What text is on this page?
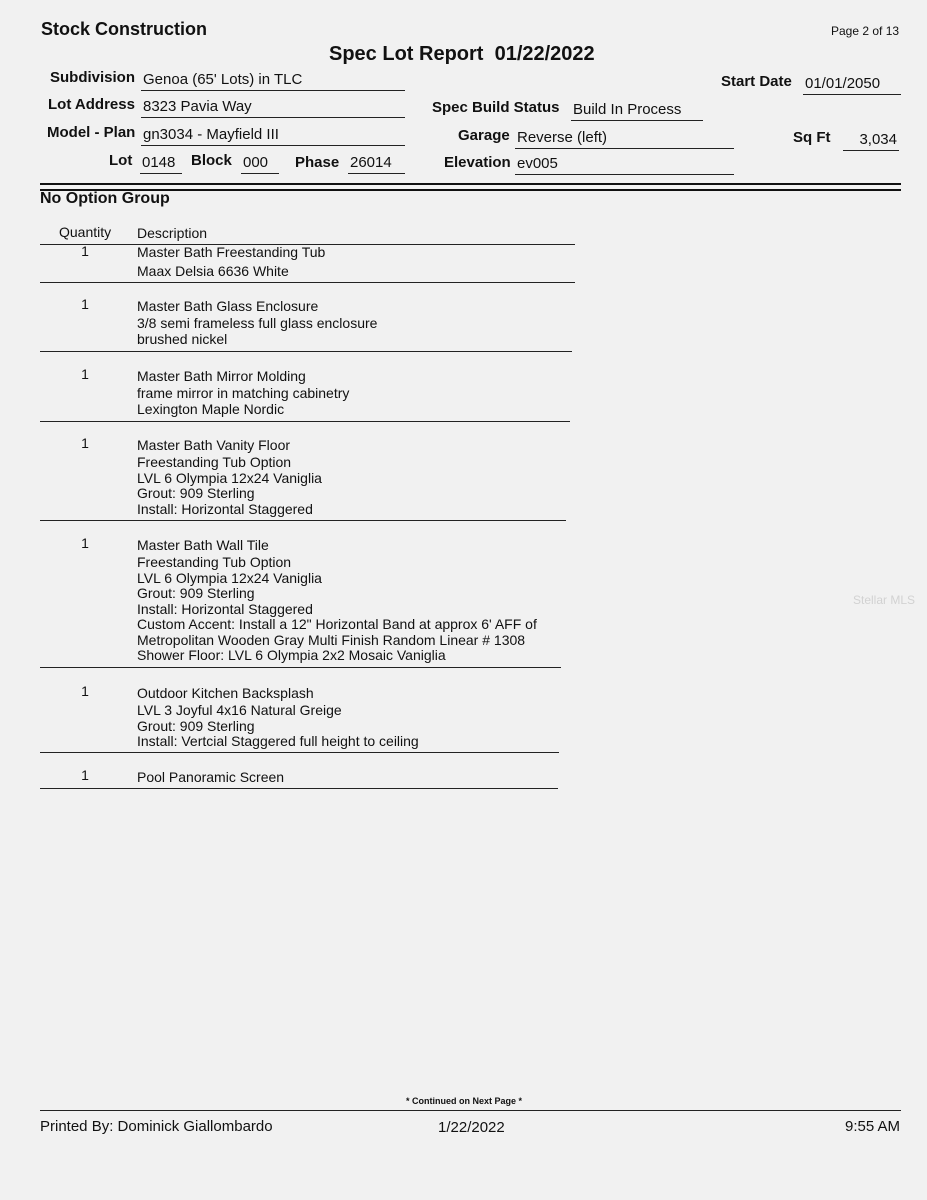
Stock Construction	Page 2 of 13
Spec Lot Report  01/22/2022
Subdivision Genoa (65' Lots) in TLC	Start Date 01/01/2050
Lot Address 8323 Pavia Way	Spec Build Status Build In Process
Model - Plan gn3034 - Mayfield III	Garage Reverse (left)	Sq Ft	3,034
Lot 0148	Block 000	Phase 26014	Elevation ev005
No Option Group
Quantity Description
1	Master Bath Freestanding Tub
Maax Delsia 6636 White
1	Master Bath Glass Enclosure
3/8 semi frameless full glass enclosure
brushed nickel
1	Master Bath Mirror Molding
frame mirror in matching cabinetry
Lexington Maple Nordic
1	Master Bath Vanity Floor
Freestanding Tub Option
LVL 6 Olympia 12x24 Vaniglia
Grout: 909 Sterling
Install: Horizontal Staggered
1	Master Bath Wall Tile
Freestanding Tub Option
LVL 6 Olympia 12x24 Vaniglia
Grout: 909 Sterling
Install: Horizontal Staggered
Custom Accent: Install a 12" Horizontal Band at approx 6' AFF of
Metropolitan Wooden Gray Multi Finish Random Linear # 1308
Shower Floor: LVL 6 Olympia 2x2 Mosaic Vaniglia
1	Outdoor Kitchen Backsplash
LVL 3 Joyful 4x16 Natural Greige
Grout: 909 Sterling
Install: Vertcial Staggered full height to ceiling
1	Pool Panoramic Screen
Stellar MLS
* Continued on Next Page *
Printed By: Dominick Giallombardo	1/22/2022	9:55 AM
